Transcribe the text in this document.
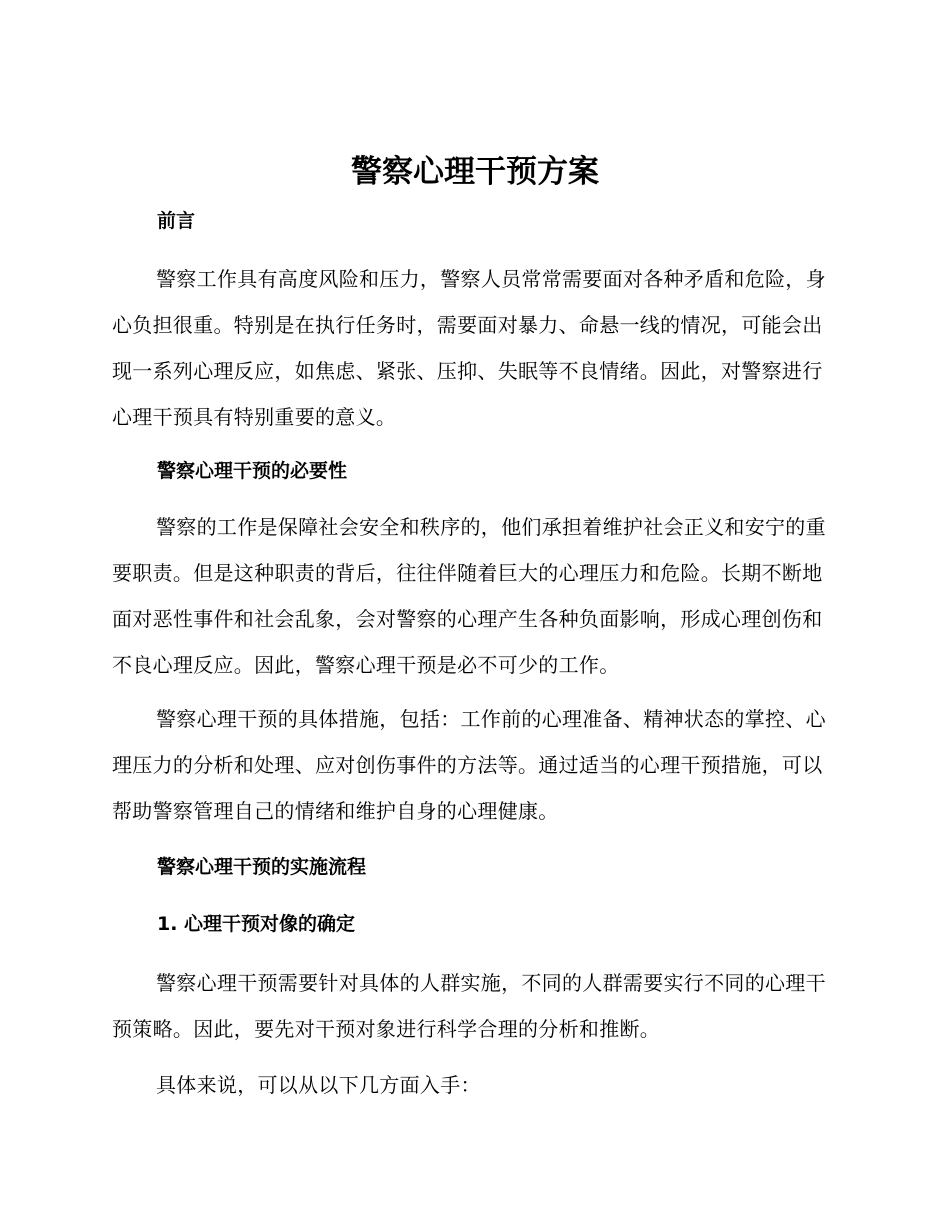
警察心理干预方案
前言

警察工作具有高度风险和压力，警察人员常常需要面对各种矛盾和危险，身心负担很重。特别是在执行任务时，需要面对暴力、命悬一线的情况，可能会出现一系列心理反应，如焦虑、紧张、压抑、失眠等不良情绪。因此，对警察进行心理干预具有特别重要的意义。

警察心理干预的必要性

警察的工作是保障社会安全和秩序的，他们承担着维护社会正义和安宁的重要职责。但是这种职责的背后，往往伴随着巨大的心理压力和危险。长期不断地面对恶性事件和社会乱象，会对警察的心理产生各种负面影响，形成心理创伤和不良心理反应。因此，警察心理干预是必不可少的工作。

警察心理干预的具体措施，包括：工作前的心理准备、精神状态的掌控、心理压力的分析和处理、应对创伤事件的方法等。通过适当的心理干预措施，可以帮助警察管理自己的情绪和维护自身的心理健康。

警察心理干预的实施流程
1. 心理干预对像的确定

警察心理干预需要针对具体的人群实施，不同的人群需要实行不同的心理干预策略。因此，要先对干预对象进行科学合理的分析和推断。

具体来说，可以从以下几方面入手：
